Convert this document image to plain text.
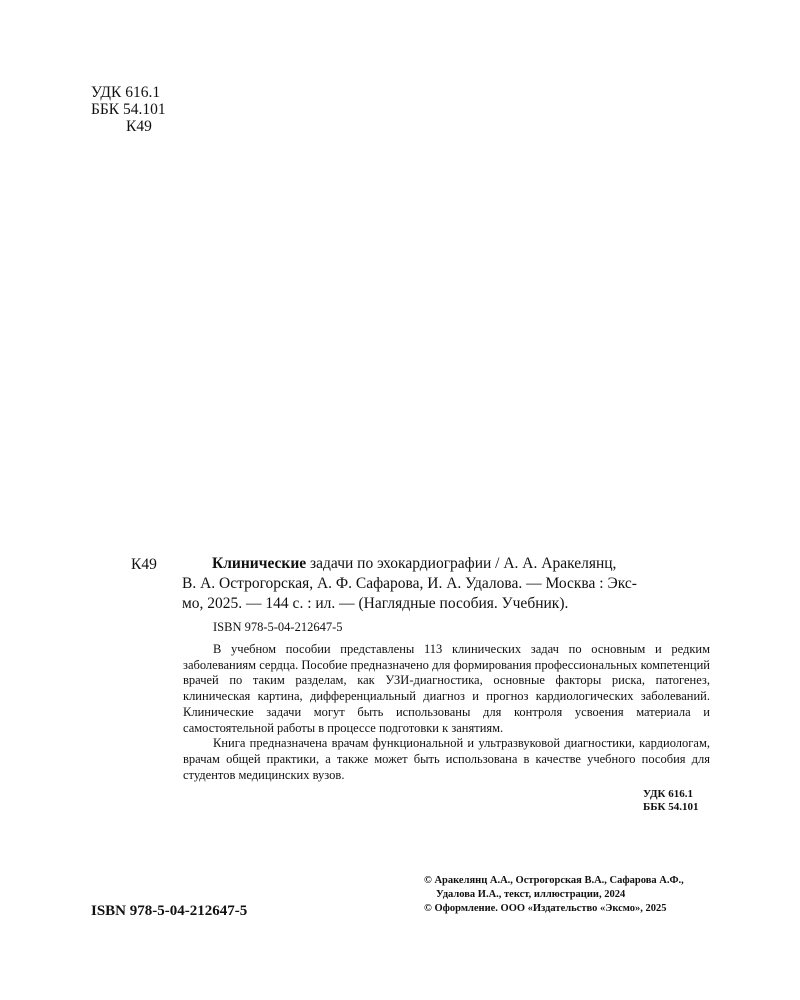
УДК 616.1
ББК 54.101
К49
К49	Клинические задачи по эхокардиографии / А. А. Аракелянц,
В. А. Острогорская, А. Ф. Сафарова, И. А. Удалова. — Москва : Экс-
мо, 2025. — 144 с. : ил. — (Наглядные пособия. Учебник).
ISBN 978-5-04-212647-5

В учебном пособии представлены 113 клинических задач по основным и редким заболеваниям сердца. Пособие предназначено для формирования профессиональных компетенций врачей по таким разделам, как УЗИ-диагностика, основные факторы риска, патогенез, клиническая картина, дифференциальный диагноз и прогноз кардиологических заболеваний. Клинические задачи могут быть использованы для контроля усвоения материала и самостоятельной работы в процессе подготовки к занятиям.

Книга предназначена врачам функциональной и ультразвуковой диагностики, кардиологам, врачам общей практики, а также может быть использована в качестве учебного пособия для студентов медицинских вузов.

УДК 616.1
ББК 54.101
ISBN 978-5-04-212647-5
© Аракелянц А.А., Острогорская В.А., Сафарова А.Ф.,
Удалова И.А., текст, иллюстрации, 2024
© Оформление. ООО «Издательство «Эксмо», 2025
